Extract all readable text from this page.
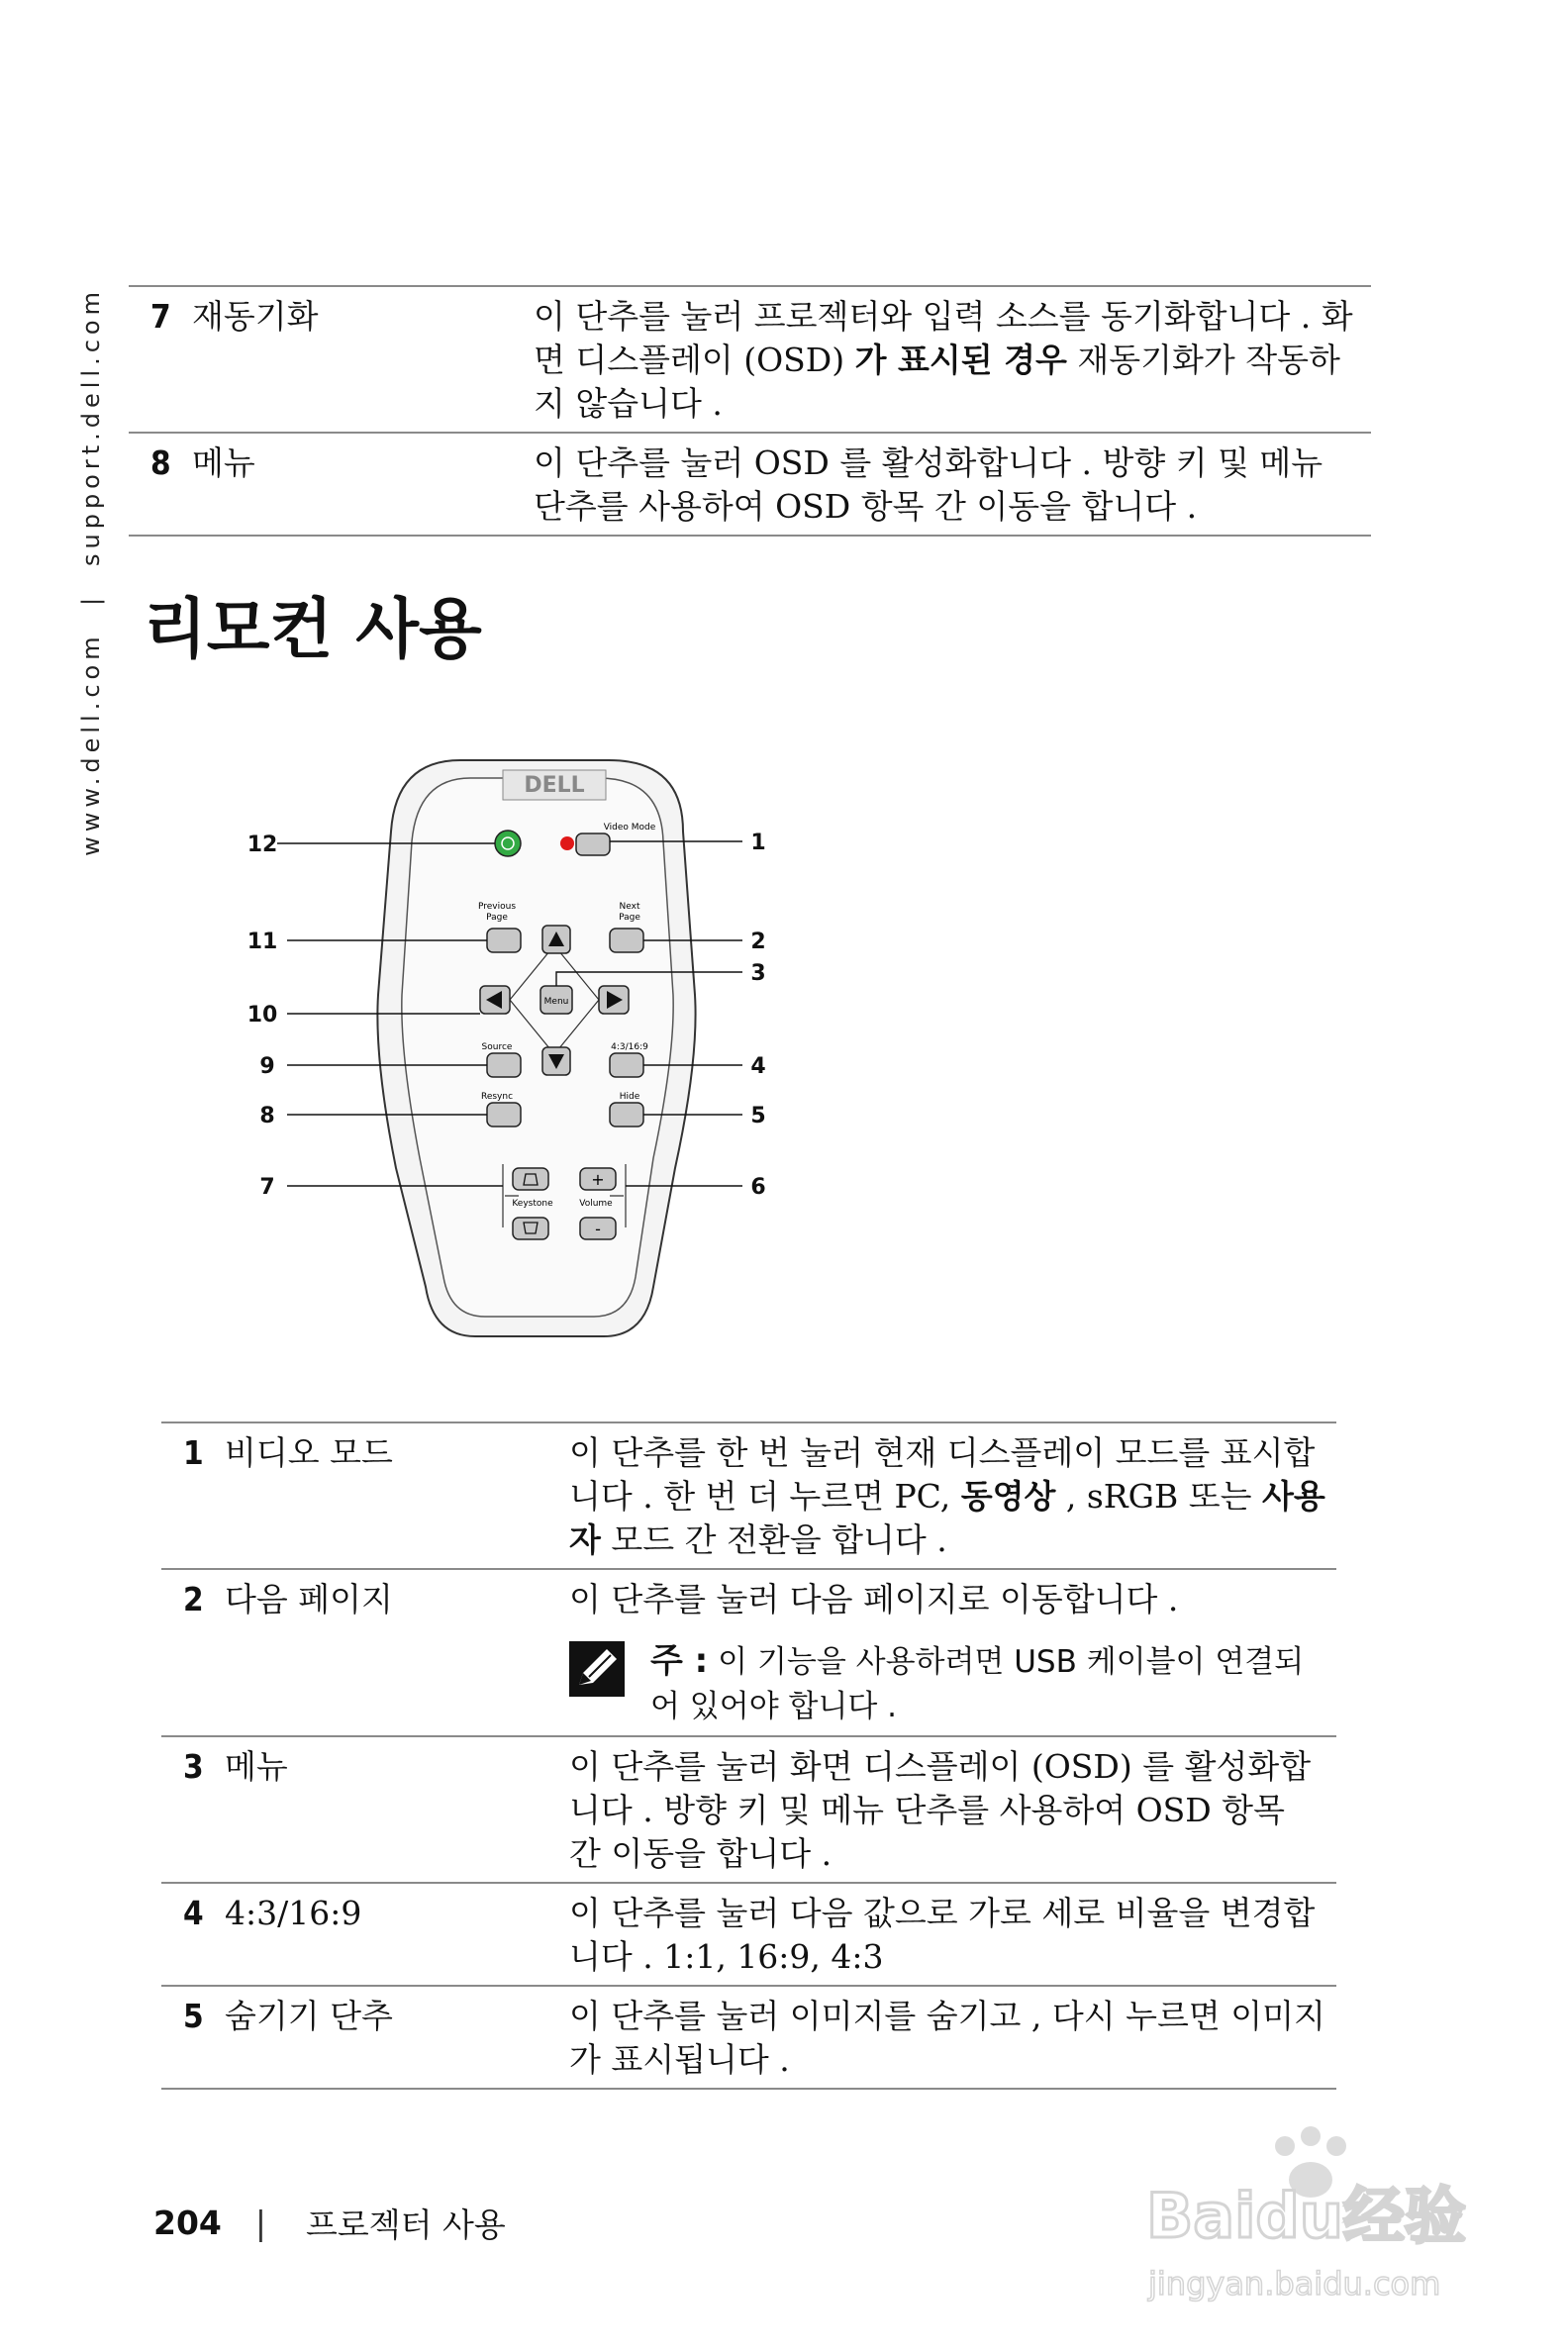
www.dell.com | support.dell.com 7	재동기화	이 단추를 눌러 프로젝터와 입력 소스를 동기화합니다 . 화면 디스플레이 (OSD) 가 표시된 경우 재동기화가 작동하지 않습니다 .
8	메뉴	이 단추를 눌러 OSD 를 활성화합니다 . 방향 키 및 메뉴 단추를 사용하여 OSD 항목 간 이동을 합니다 .
리모컨 사용
DELL
Video Mode
Previous Page
Next Page
Menu
Source	4:3/16:9
Resync	Hide
Keystone
+
Volume
-
12
11
10
9
8
7
1
2
3
4
5
6
1	비디오 모드	이 단추를 한 번 눌러 현재 디스플레이 모드를 표시합니다 . 한 번 더 누르면 PC, 동영상 , sRGB 또는 사용자 모드 간 전환을 합니다 .
2	다음 페이지	이 단추를 눌러 다음 페이지로 이동합니다 .
주 : 이 기능을 사용하려면 USB 케이블이 연결되어 있어야 합니다 .

3	메뉴	이 단추를 눌러 화면 디스플레이 (OSD) 를 활성화합니다 . 방향 키 및 메뉴 단추를 사용하여 OSD 항목 간 이동을 합니다 .
4	4:3/16:9	이 단추를 눌러 다음 값으로 가로 세로 비율을 변경합니다 . 1:1, 16:9, 4:3
5	숨기기 단추	이 단추를 눌러 이미지를 숨기고 , 다시 누르면 이미지가 표시됩니다 .
204 | 프로젝터 사용	Baidu经验
jingyan.baidu.com
